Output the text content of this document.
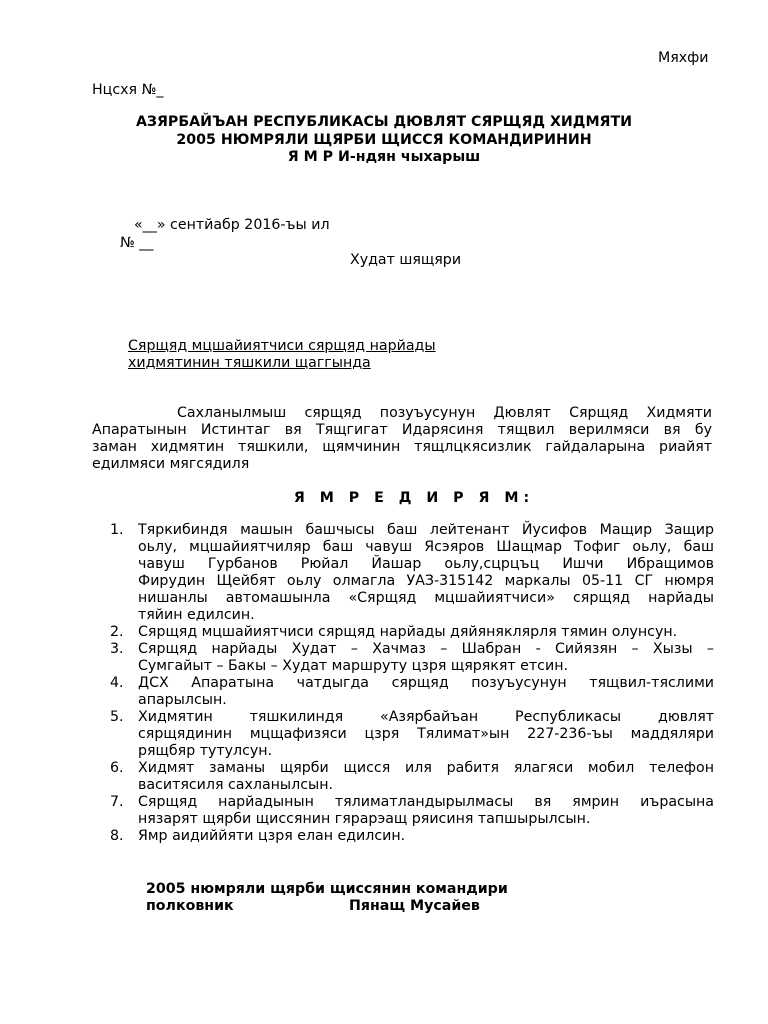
Мяхфи
Нцсхя №_
АЗЯРБАЙЪАН РЕСПУБЛИКАСЫ ДЮВЛЯТ СЯРЩЯД ХИДМЯТИ
2005 НЮМРЯЛИ ЩЯРБИ ЩИССЯ КОМАНДИРИНИН
Я М Р И-ндян чыхарыш
«__» сентйабр 2016-ъы ил
№ __
Худат шящяри
Сярщяд мцшайиятчиси сярщяд нарйады
хидмятинин тяшкили щаггында
Сахланылмыш сярщяд позуъусунун Дювлят Сярщяд Хидмяти
Апаратынын Истинтаг вя Тящгигат Идарясиня тящвил верилмяси вя бу
заман хидмятин тяшкили, щямчинин тящлцкясизлик гайдаларына риайят
едилмяси мягсядиля
Я М Р Е Д И Р Я М:
1. Тяркибиндя машын башчысы баш лейтенант Йусифов Мащир Защир
оьлу, мцшайиятчиляр баш чавуш Ясэяров Шащмар Тофиг оьлу, баш
чавуш Гурбанов Рюйал Йашар оьлу,сцрцъц Ишчи Ибращимов
Фирудин Щейбят оьлу олмагла УАЗ-315142 маркалы 05-11 СГ нюмря
нишанлы автомашынла «Сярщяд мцшайиятчиси» сярщяд нарйады
тяйин едилсин.
2. Сярщяд мцшайиятчиси сярщяд нарйады дяйяняклярля тямин олунсун.
3. Сярщяд нарйады Худат – Хачмаз – Шабран - Сийязян – Хызы –
Сумгайыт – Бакы – Худат маршруту цзря щярякят етсин.
4. ДСХ Апаратына чатдыгда сярщяд позуъусунун тящвил-тяслими
апарылсын.
5. Хидмятин тяшкилиндя «Азярбайъан Республикасы дювлят
сярщядинин мцщафизяси цзря Тялимат»ын 227-236-ъы маддяляри
рящбяр тутулсун.
6. Хидмят заманы щярби щисся иля рабитя ялагяси мобил телефон
васитясиля сахланылсын.
7. Сярщяд нарйадынын тялиматландырылмасы вя ямрин иърасына
нязарят щярби щиссянин гярарэащ ряисиня тапшырылсын.
8. Ямр аидиййяти цзря елан едилсин.
2005 нюмряли щярби щиссянин командири
полковник	Пянащ Мусайев
